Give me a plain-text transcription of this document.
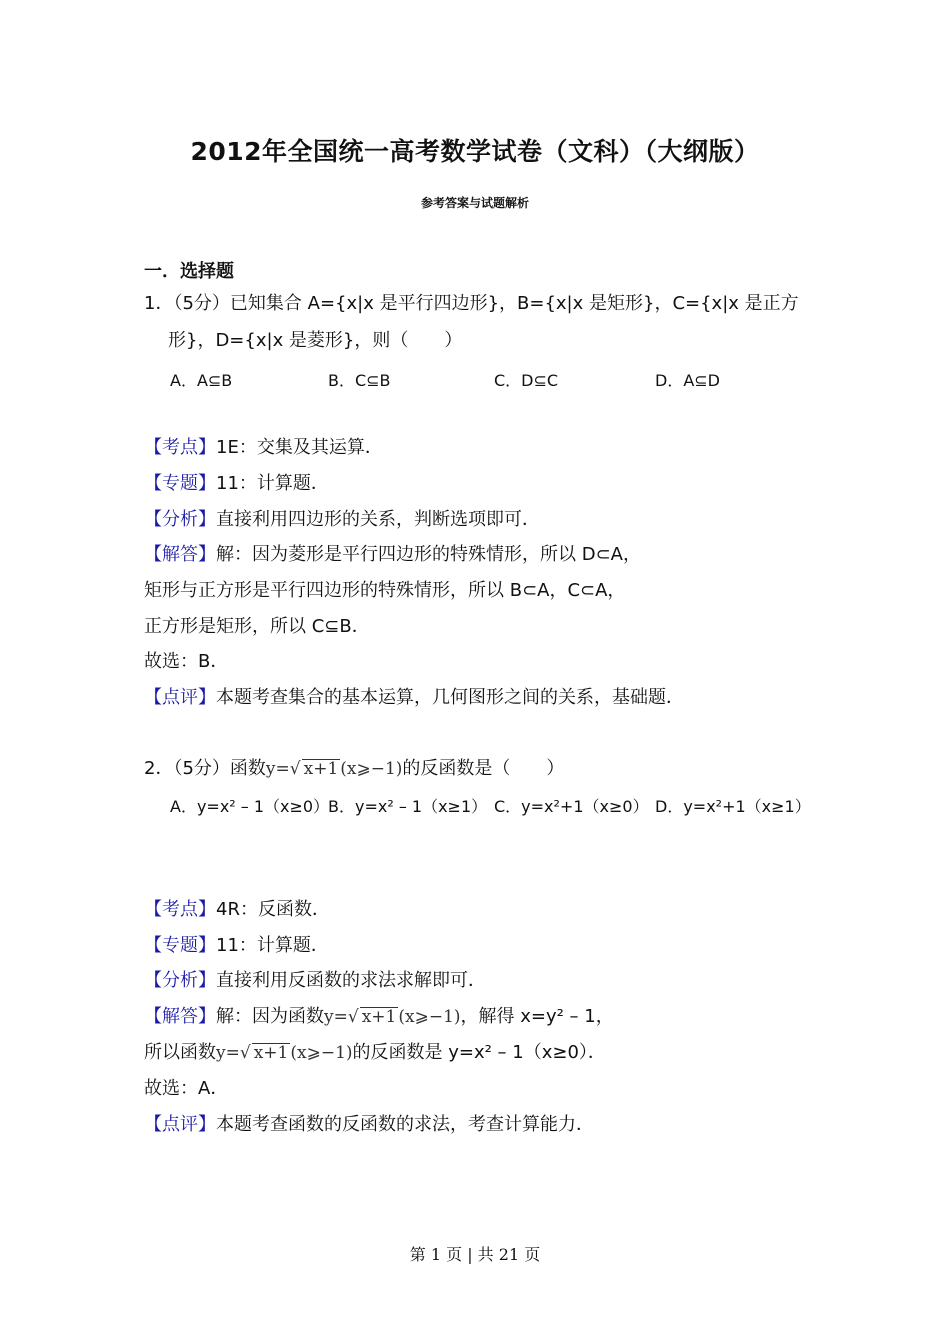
2012年全国统一高考数学试卷（文科）（大纲版）
参考答案与试题解析
一．选择题
1．（5分）已知集合 A={x|x 是平行四边形}，B={x|x 是矩形}，C={x|x 是正方
形}，D={x|x 是菱形}，则（　　）
A．A⊆B	B．C⊆B	C．D⊆C	D．A⊆D
【考点】1E：交集及其运算．
【专题】11：计算题．
【分析】直接利用四边形的关系，判断选项即可．
【解答】解：因为菱形是平行四边形的特殊情形，所以 D⊂A，
矩形与正方形是平行四边形的特殊情形，所以 B⊂A，C⊂A，
正方形是矩形，所以 C⊆B．
故选：B．
【点评】本题考查集合的基本运算，几何图形之间的关系，基础题．
2．（5分）函数y=√ x+1 (x⩾−1)的反函数是（　　）
A．y=x² – 1（x≥0）
B．y=x² – 1（x≥1） C．y=x²+1（x≥0） D．y=x²+1（x≥1）
【考点】4R：反函数．
【专题】11：计算题．
【分析】直接利用反函数的求法求解即可．
【解答】解：因为函数y=√ x+1 (x⩾−1)，解得 x=y² – 1，
所以函数y=√ x+1 (x⩾−1)的反函数是 y=x² – 1（x≥0）．
故选：A．
【点评】本题考查函数的反函数的求法，考查计算能力．
第 1 页 | 共 21 页
